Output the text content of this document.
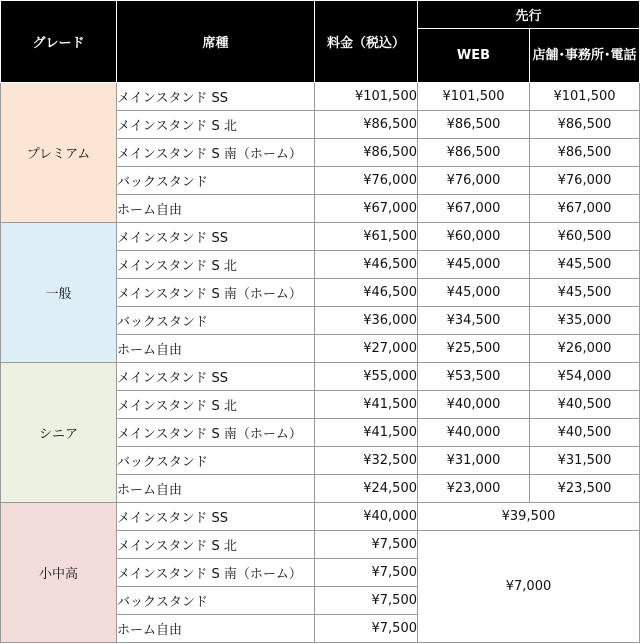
グレード	席種	料金（税込）	先行	
			WEB	店舗･事務所･電話

プレミアム	メインスタンド SS	¥101,500	¥101,500	¥101,500
	メインスタンド S 北	¥86,500	¥86,500	¥86,500
	メインスタンド S 南（ホーム）	¥86,500	¥86,500	¥86,500
	バックスタンド	¥76,000	¥76,000	¥76,000
	ホーム自由	¥67,000	¥67,000	¥67,000
一般	メインスタンド SS	¥61,500	¥60,000	¥60,500
	メインスタンド S 北	¥46,500	¥45,000	¥45,500
	メインスタンド S 南（ホーム）	¥46,500	¥45,000	¥45,500
	バックスタンド	¥36,000	¥34,500	¥35,000
	ホーム自由	¥27,000	¥25,500	¥26,000
シニア	メインスタンド SS	¥55,000	¥53,500	¥54,000
	メインスタンド S 北	¥41,500	¥40,000	¥40,500
	メインスタンド S 南（ホーム）	¥41,500	¥40,000	¥40,500
	バックスタンド	¥32,500	¥31,000	¥31,500
	ホーム自由	¥24,500	¥23,000	¥23,500
小中高	メインスタンド SS	¥40,000	¥39,500	
	メインスタンド S 北	¥7,500	¥7,000	
	メインスタンド S 南（ホーム）	¥7,500		
	バックスタンド	¥7,500		
	ホーム自由	¥7,500		
